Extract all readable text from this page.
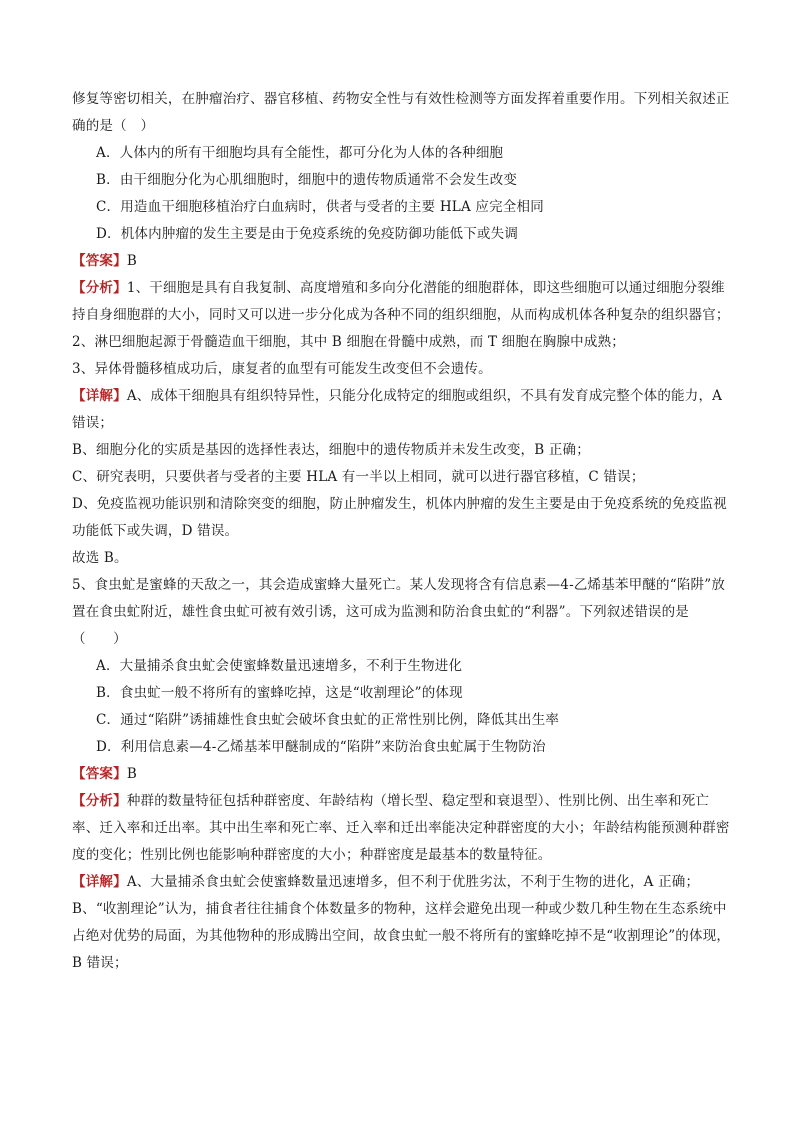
修复等密切相关，在肿瘤治疗、器官移植、药物安全性与有效性检测等方面发挥着重要作用。下列相关叙述正确的是（　）

A．人体内的所有干细胞均具有全能性，都可分化为人体的各种细胞

B．由干细胞分化为心肌细胞时，细胞中的遗传物质通常不会发生改变

C．用造血干细胞移植治疗白血病时，供者与受者的主要 HLA 应完全相同

D．机体内肿瘤的发生主要是由于免疫系统的免疫防御功能低下或失调

【答案】B

【分析】1、干细胞是具有自我复制、高度增殖和多向分化潜能的细胞群体，即这些细胞可以通过细胞分裂维持自身细胞群的大小，同时又可以进一步分化成为各种不同的组织细胞，从而构成机体各种复杂的组织器官；

2、淋巴细胞起源于骨髓造血干细胞，其中 B 细胞在骨髓中成熟，而 T 细胞在胸腺中成熟；

3、异体骨髓移植成功后，康复者的血型有可能发生改变但不会遗传。

【详解】A、成体干细胞具有组织特异性，只能分化成特定的细胞或组织，不具有发育成完整个体的能力，A 错误；

B、细胞分化的实质是基因的选择性表达，细胞中的遗传物质并未发生改变，B 正确；

C、研究表明，只要供者与受者的主要 HLA 有一半以上相同，就可以进行器官移植，C 错误；

D、免疫监视功能识别和清除突变的细胞，防止肿瘤发生，机体内肿瘤的发生主要是由于免疫系统的免疫监视功能低下或失调，D 错误。

故选 B。

5、食虫虻是蜜蜂的天敌之一，其会造成蜜蜂大量死亡。某人发现将含有信息素—4-乙烯基苯甲醚的“陷阱”放置在食虫虻附近，雄性食虫虻可被有效引诱，这可成为监测和防治食虫虻的“利器”。下列叙述错误的是（　　）

A．大量捕杀食虫虻会使蜜蜂数量迅速增多，不利于生物进化

B．食虫虻一般不将所有的蜜蜂吃掉，这是“收割理论”的体现

C．通过“陷阱”诱捕雄性食虫虻会破坏食虫虻的正常性别比例，降低其出生率

D．利用信息素—4-乙烯基苯甲醚制成的“陷阱”来防治食虫虻属于生物防治

【答案】B

【分析】种群的数量特征包括种群密度、年龄结构（增长型、稳定型和衰退型）、性别比例、出生率和死亡率、迁入率和迁出率。其中出生率和死亡率、迁入率和迁出率能决定种群密度的大小；年龄结构能预测种群密度的变化；性别比例也能影响种群密度的大小；种群密度是最基本的数量特征。

【详解】A、大量捕杀食虫虻会使蜜蜂数量迅速增多，但不利于优胜劣汰，不利于生物的进化，A 正确；

B、“收割理论”认为，捕食者往往捕食个体数量多的物种，这样会避免出现一种或少数几种生物在生态系统中占绝对优势的局面，为其他物种的形成腾出空间，故食虫虻一般不将所有的蜜蜂吃掉不是“收割理论”的体现，B 错误；
